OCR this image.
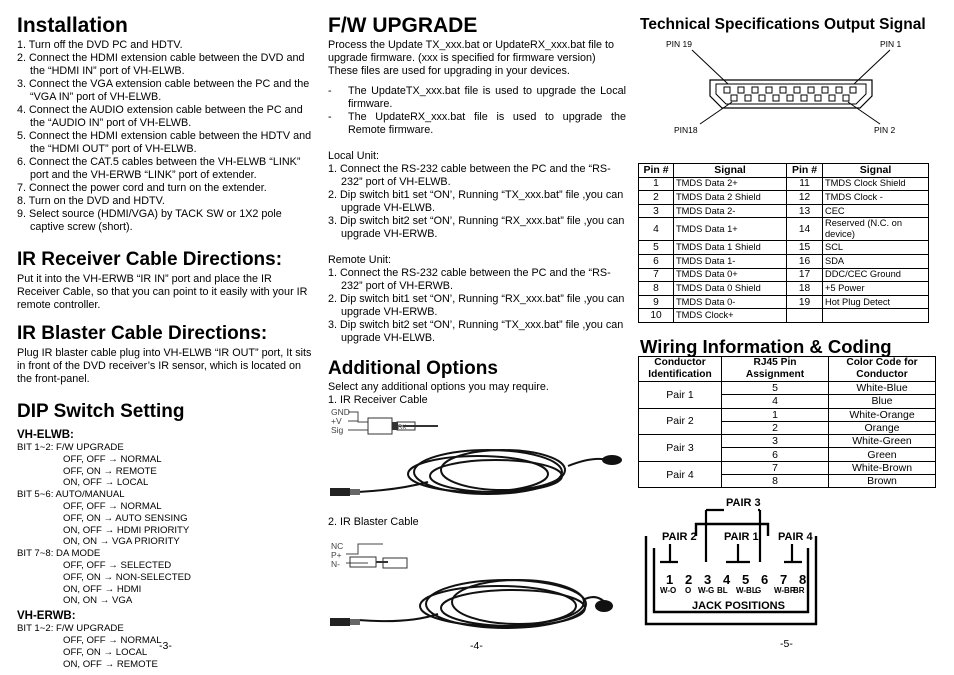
Installation
1. Turn off the DVD PC and HDTV.
2. Connect the HDMI extension cable between the DVD and the “HDMI IN” port of VH-ELWB.
3. Connect the VGA extension cable between the PC and the “VGA IN” port of VH-ELWB.
4. Connect the AUDIO extension cable between the PC and the “AUDIO IN” port of VH-ELWB.
5. Connect the HDMI extension cable between the HDTV and the “HDMI OUT” port of VH-ELWB.
6. Connect the CAT.5 cables between the VH-ELWB “LINK” port and the VH-ERWB “LINK” port of extender.
7. Connect the power cord and turn on the extender.
8. Turn on the DVD and HDTV.
9. Select source (HDMI/VGA) by TACK SW or 1X2 pole captive screw (short).
IR Receiver Cable Directions:

Put it into the VH-ERWB “IR IN” port and place the IR Receiver Cable, so that you can point to it easily with your IR remote controller.

IR Blaster Cable Directions:

Plug IR blaster cable plug into VH-ELWB “IR OUT” port, It sits in front of the DVD receiver’s IR sensor, which is located on the front-panel.

DIP Switch Setting
VH-ELWB:
BIT 1~2: F/W UPGRADE
OFF, OFF → NORMAL
OFF, ON → REMOTE
ON, OFF → LOCAL
BIT 5~6: AUTO/MANUAL
OFF, OFF → NORMAL
OFF, ON → AUTO SENSING
ON, OFF → HDMI PRIORITY
ON, ON → VGA PRIORITY
BIT 7~8: DA MODE
OFF, OFF → SELECTED
OFF, ON → NON-SELECTED
ON, OFF → HDMI
ON, ON → VGA
VH-ERWB:
BIT 1~2: F/W UPGRADE
OFF, OFF → NORMAL
OFF, ON → LOCAL
ON, OFF → REMOTE
-3-
F/W UPGRADE

Process the Update TX_xxx.bat or UpdateRX_xxx.bat file to upgrade firmware. (xxx is specified for firmware version) These files are used for upgrading in your devices.

-	The UpdateTX_xxx.bat file is used to upgrade the Local firmware.
-	The UpdateRX_xxx.bat file is used to upgrade the Remote firmware.

Local Unit:

1. Connect the RS-232 cable between the PC and the “RS-232” port of VH-ELWB.
2. Dip switch bit1 set “ON’, Running “TX_xxx.bat” file ,you can upgrade VH-ELWB.
3. Dip switch bit2 set “ON’, Running “RX_xxx.bat” file ,you can upgrade VH-ERWB.

Remote Unit:

1. Connect the RS-232 cable between the PC and the “RS-232” port of VH-ERWB.
2. Dip switch bit1 set “ON’, Running “RX_xxx.bat” file ,you can upgrade VH-ERWB.
3. Dip switch bit2 set “ON’, Running “TX_xxx.bat” file ,you can upgrade VH-ELWB.
Additional Options

Select any additional options you may require.

1. IR Receiver Cable

GND
+V
Sig	RK

2. IR Blaster Cable

NC
P+
N-
-4-
Technical Specifications Output Signal
PIN 19	PIN 1
PIN18	PIN 2
Pin #	Signal	Pin #	Signal
1	TMDS Data 2+	11	TMDS Clock Shield
2	TMDS Data 2 Shield	12	TMDS Clock -
3	TMDS Data 2-	13	CEC
4	TMDS Data 1+	14	Reserved (N.C. on device)
5	TMDS Data 1 Shield	15	SCL
6	TMDS Data 1-	16	SDA
7	TMDS Data 0+	17	DDC/CEC Ground
8	TMDS Data 0 Shield	18	+5 Power
9	TMDS Data 0-	19	Hot Plug Detect
10	TMDS Clock+		
Wiring Information & Coding
Conductor Identification	RJ45 Pin Assignment	Color Code for Conductor
Pair 1	5	White-Blue
	4	Blue
Pair 2	1	White-Orange
	2	Orange
Pair 3	3	White-Green
	6	Green
Pair 4	7	White-Brown
	8	Brown
PAIR 3
PAIR 2 PAIR 1 PAIR 4
1 2 3 4 5 6 7 8
W-O O W-G BL W-BL
G W-BR
BR
JACK POSITIONS
-5-
